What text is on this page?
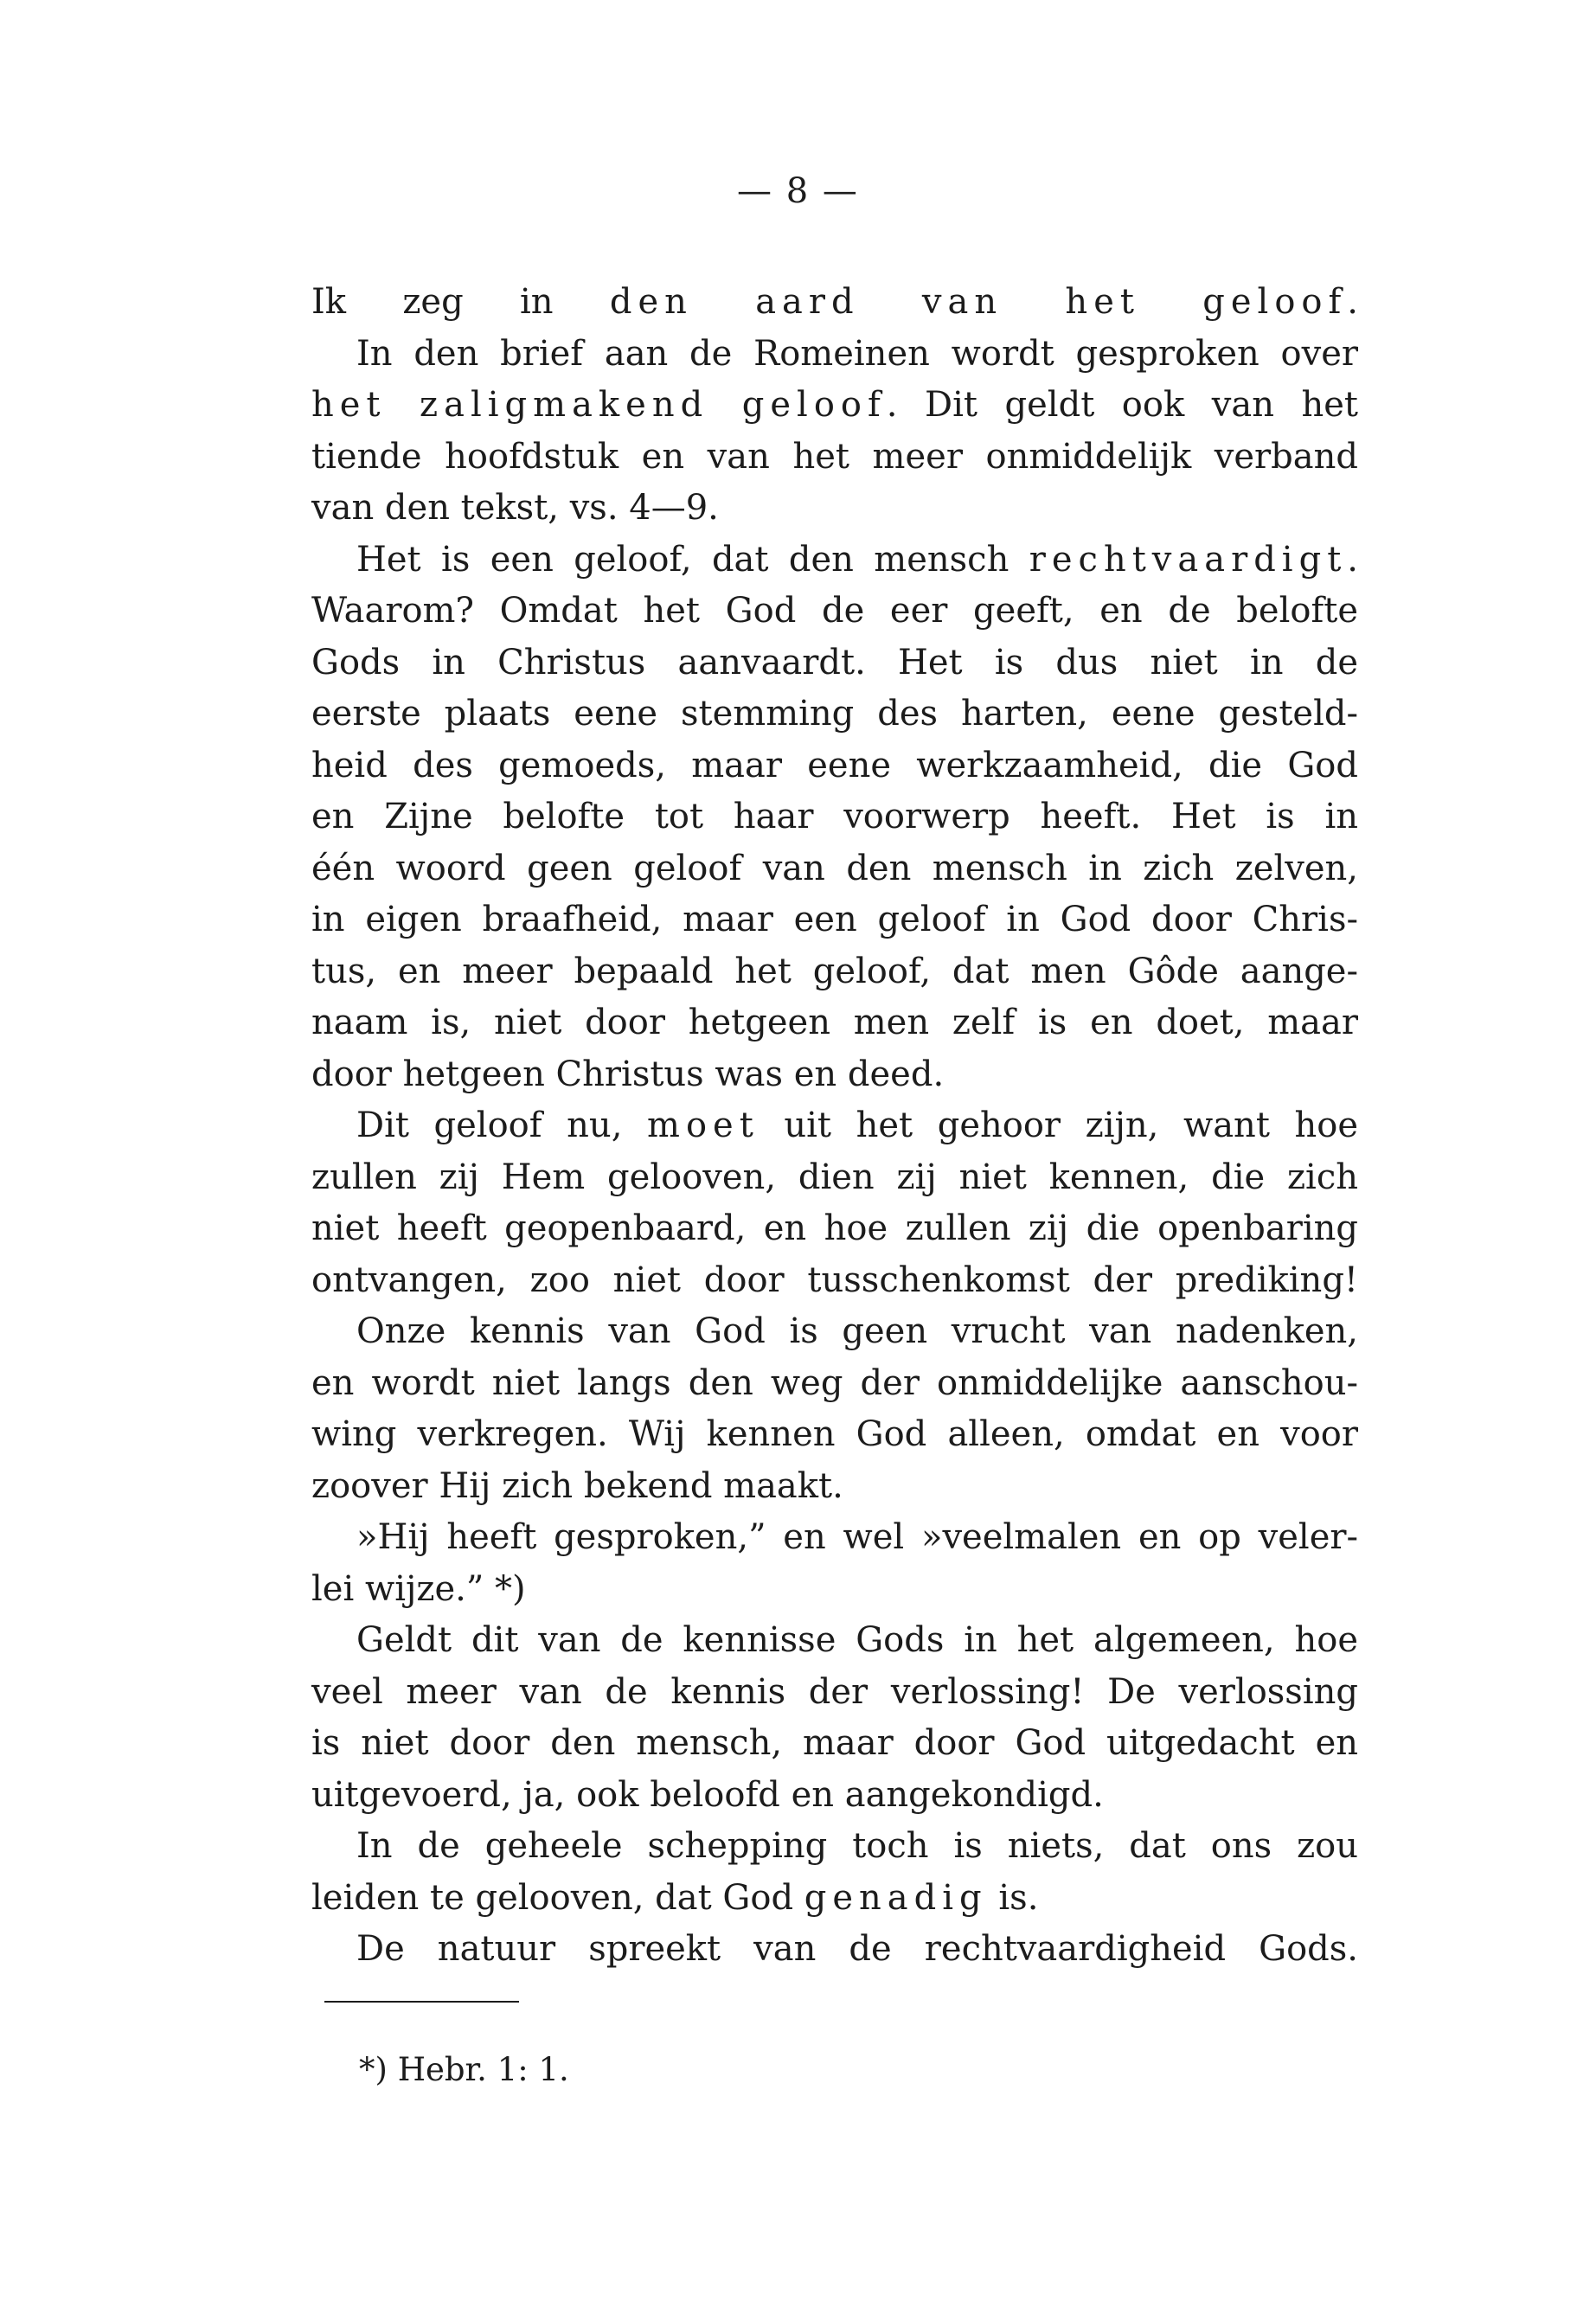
— 8 —
Ik zeg in den aard van het geloof.
In den brief aan de Romeinen wordt gesproken over
het zaligmakend geloof. Dit geldt ook van het
tiende hoofdstuk en van het meer onmiddelijk verband
van den tekst, vs. 4—9.
Het is een geloof, dat den mensch rechtvaardigt.
Waarom? Omdat het God de eer geeft, en de belofte
Gods in Christus aanvaardt. Het is dus niet in de
eerste plaats eene stemming des harten, eene gesteld-
heid des gemoeds, maar eene werkzaamheid, die God
en Zijne belofte tot haar voorwerp heeft. Het is in
één woord geen geloof van den mensch in zich zelven,
in eigen braafheid, maar een geloof in God door Chris-
tus, en meer bepaald het geloof, dat men Gôde aange-
naam is, niet door hetgeen men zelf is en doet, maar
door hetgeen Christus was en deed.
Dit geloof nu, moet uit het gehoor zijn, want hoe
zullen zij Hem gelooven, dien zij niet kennen, die zich
niet heeft geopenbaard, en hoe zullen zij die openbaring
ontvangen, zoo niet door tusschenkomst der prediking!
Onze kennis van God is geen vrucht van nadenken,
en wordt niet langs den weg der onmiddelijke aanschou-
wing verkregen. Wij kennen God alleen, omdat en voor
zoover Hij zich bekend maakt.
»Hij heeft gesproken,” en wel »veelmalen en op veler-
lei wijze.” *)
Geldt dit van de kennisse Gods in het algemeen, hoe
veel meer van de kennis der verlossing! De verlossing
is niet door den mensch, maar door God uitgedacht en
uitgevoerd, ja, ook beloofd en aangekondigd.
In de geheele schepping toch is niets, dat ons zou
leiden te gelooven, dat God genadig is.
De natuur spreekt van de rechtvaardigheid Gods.
*) Hebr. 1: 1.
